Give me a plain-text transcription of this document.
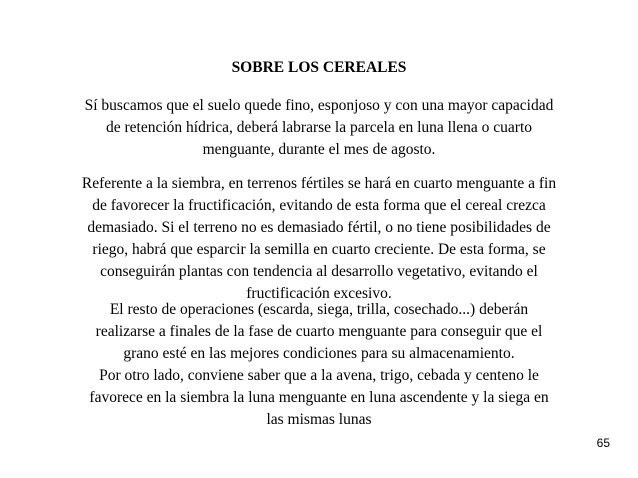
SOBRE LOS CEREALES

Sí buscamos que el suelo quede fino, esponjoso y con una mayor capacidad
de retención hídrica, deberá labrarse la parcela en luna llena o cuarto
menguante, durante el mes de agosto.

Referente a la siembra, en terrenos fértiles se hará en cuarto menguante a fin
de favorecer la fructificación, evitando de esta forma que el cereal crezca
demasiado. Si el terreno no es demasiado fértil, o no tiene posibilidades de
riego, habrá que esparcir la semilla en cuarto creciente. De esta forma, se
conseguirán plantas con tendencia al desarrollo vegetativo, evitando el
fructificación excesivo.

El resto de operaciones (escarda, siega, trilla, cosechado...) deberán
realizarse a finales de la fase de cuarto menguante para conseguir que el
grano esté en las mejores condiciones para su almacenamiento.
Por otro lado, conviene saber que a la avena, trigo, cebada y centeno le
favorece en la siembra la luna menguante en luna ascendente y la siega en
las mismas lunas

65
